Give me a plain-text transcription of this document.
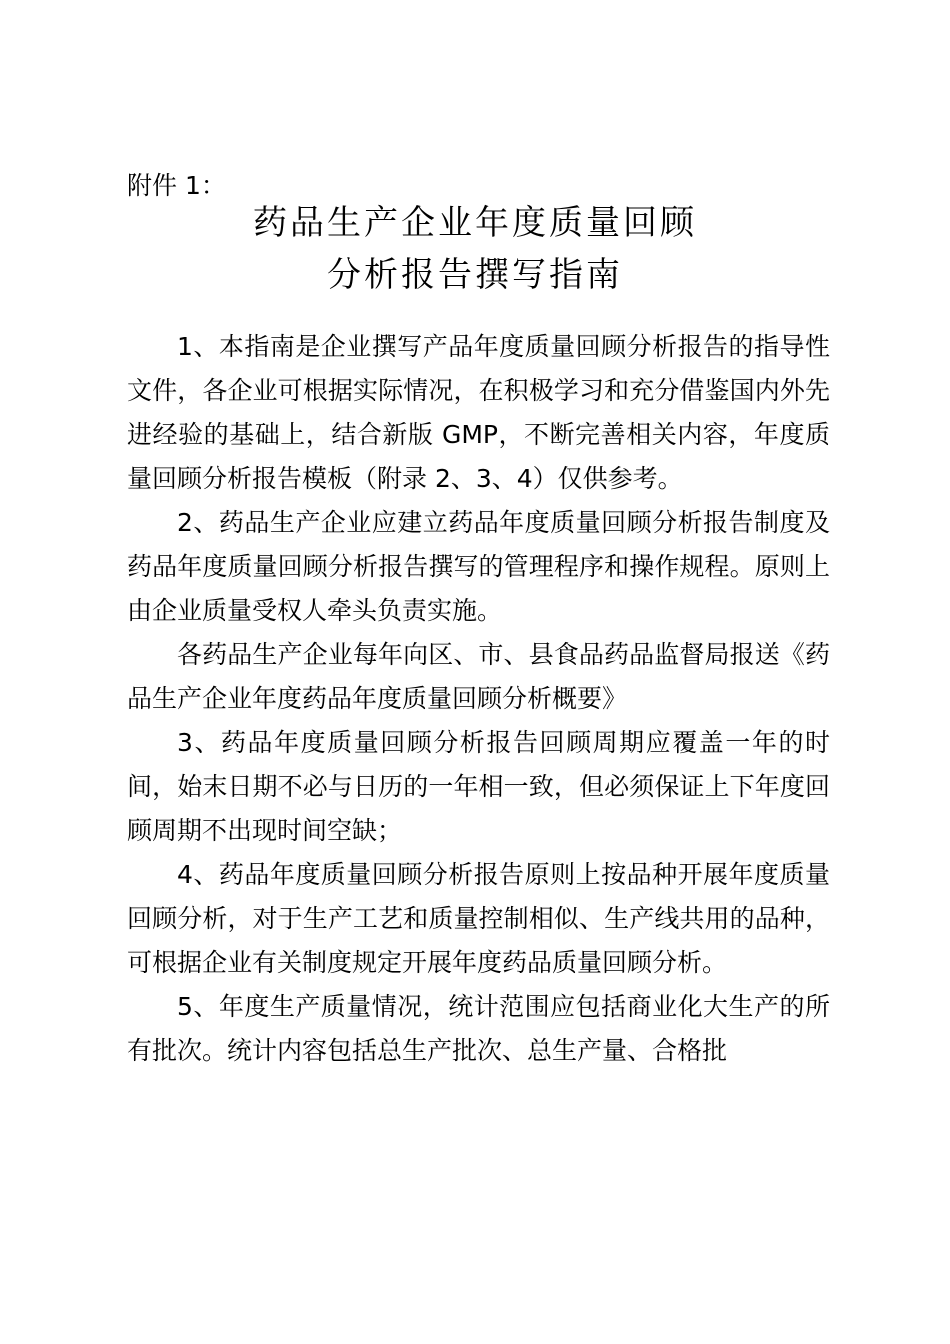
附件 1：
药品生产企业年度质量回顾
分析报告撰写指南

1、本指南是企业撰写产品年度质量回顾分析报告的指导性文件，各企业可根据实际情况，在积极学习和充分借鉴国内外先进经验的基础上，结合新版 GMP，不断完善相关内容，年度质量回顾分析报告模板（附录 2、3、4）仅供参考。

2、药品生产企业应建立药品年度质量回顾分析报告制度及药品年度质量回顾分析报告撰写的管理程序和操作规程。原则上由企业质量受权人牵头负责实施。

各药品生产企业每年向区、市、县食品药品监督局报送《药品生产企业年度药品年度质量回顾分析概要》

3、药品年度质量回顾分析报告回顾周期应覆盖一年的时间，始末日期不必与日历的一年相一致，但必须保证上下年度回顾周期不出现时间空缺；

4、药品年度质量回顾分析报告原则上按品种开展年度质量回顾分析，对于生产工艺和质量控制相似、生产线共用的品种，可根据企业有关制度规定开展年度药品质量回顾分析。

5、年度生产质量情况，统计范围应包括商业化大生产的所有批次。统计内容包括总生产批次、总生产量、合格批
